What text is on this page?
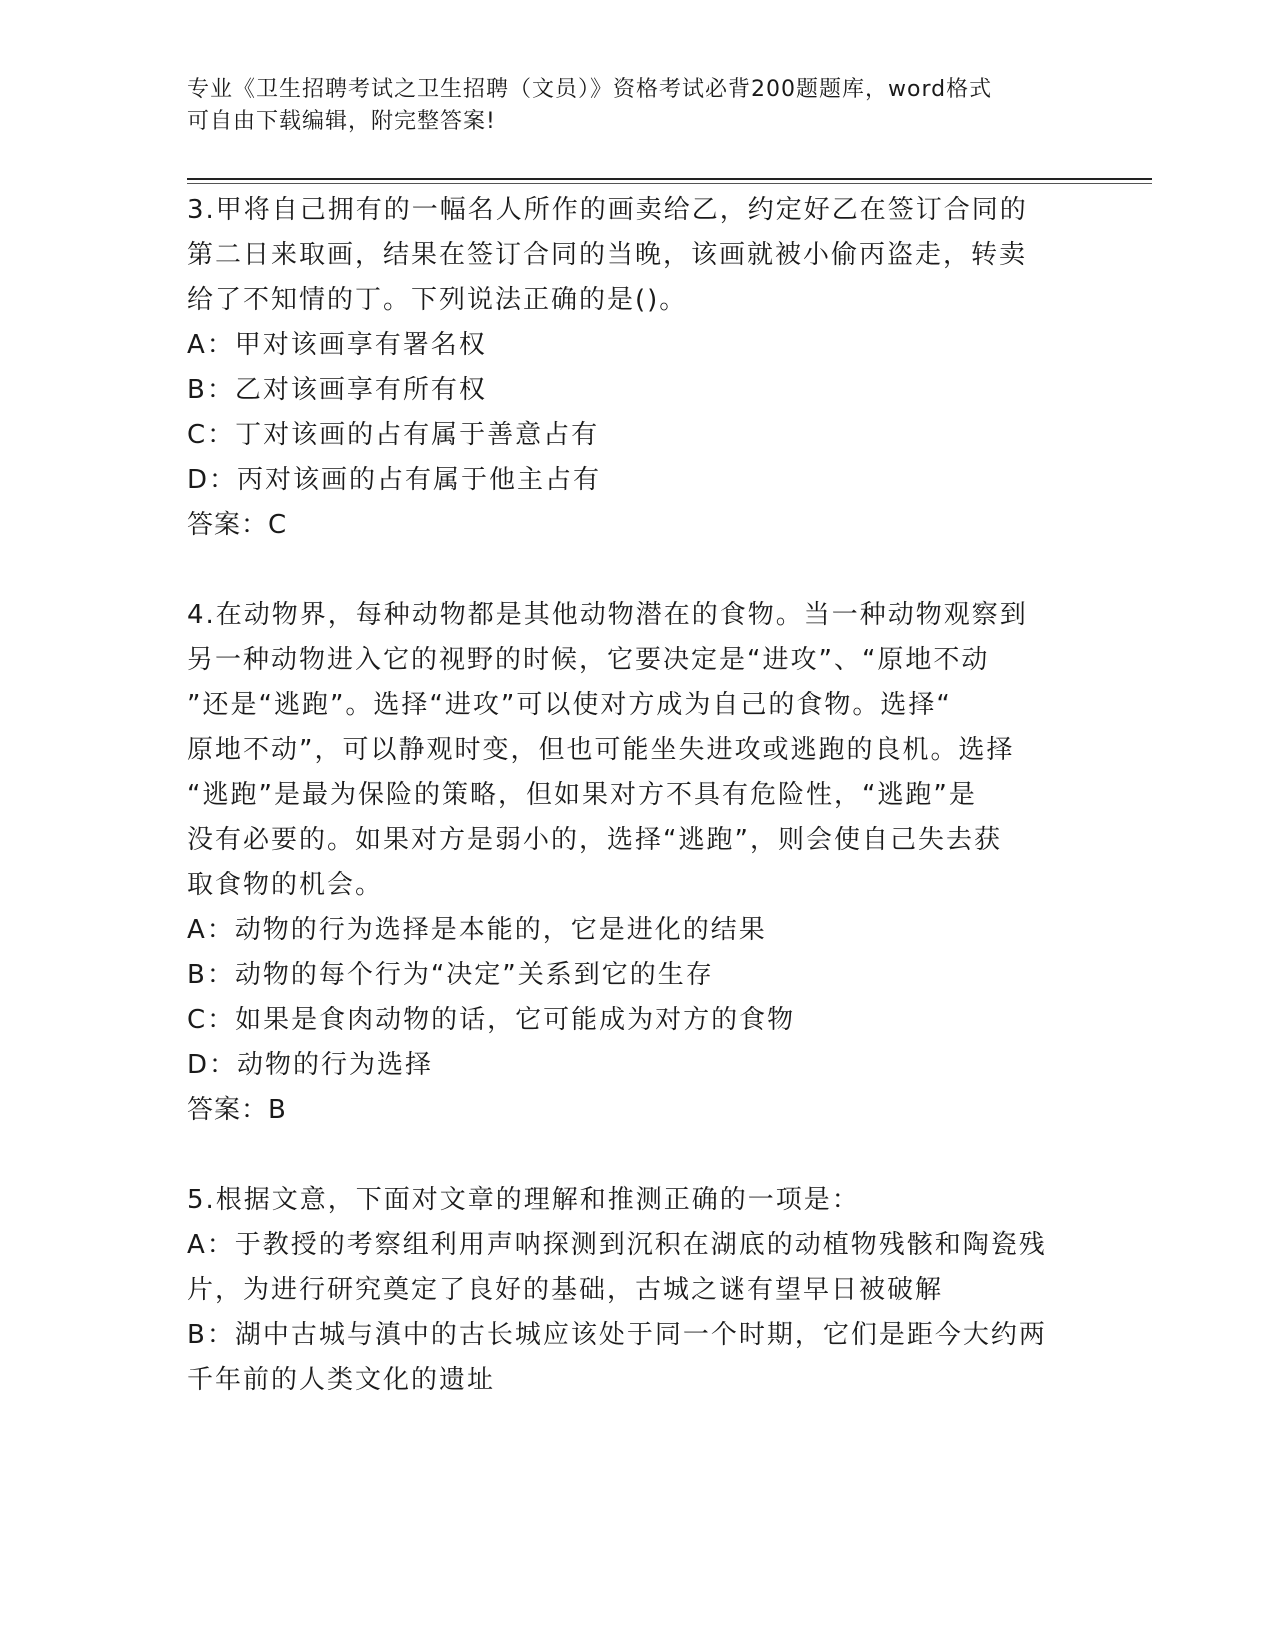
专业《卫生招聘考试之卫生招聘（文员）》资格考试必背200题题库，word格式
可自由下载编辑，附完整答案!
3.甲将自己拥有的一幅名人所作的画卖给乙，约定好乙在签订合同的
第二日来取画，结果在签订合同的当晚，该画就被小偷丙盗走，转卖
给了不知情的丁。下列说法正确的是()。
A：甲对该画享有署名权
B：乙对该画享有所有权
C：丁对该画的占有属于善意占有
D：丙对该画的占有属于他主占有
答案：C
4.在动物界，每种动物都是其他动物潜在的食物。当一种动物观察到
另一种动物进入它的视野的时候，它要决定是“进攻”、“原地不动
”还是“逃跑”。选择“进攻”可以使对方成为自己的食物。选择“
原地不动”，可以静观时变，但也可能坐失进攻或逃跑的良机。选择
“逃跑”是最为保险的策略，但如果对方不具有危险性，“逃跑”是
没有必要的。如果对方是弱小的，选择“逃跑”，则会使自己失去获
取食物的机会。
A：动物的行为选择是本能的，它是进化的结果
B：动物的每个行为“决定”关系到它的生存
C：如果是食肉动物的话，它可能成为对方的食物
D：动物的行为选择
答案：B
5.根据文意，下面对文章的理解和推测正确的一项是：
A：于教授的考察组利用声呐探测到沉积在湖底的动植物残骸和陶瓷残
片，为进行研究奠定了良好的基础，古城之谜有望早日被破解
B：湖中古城与滇中的古长城应该处于同一个时期，它们是距今大约两
千年前的人类文化的遗址
